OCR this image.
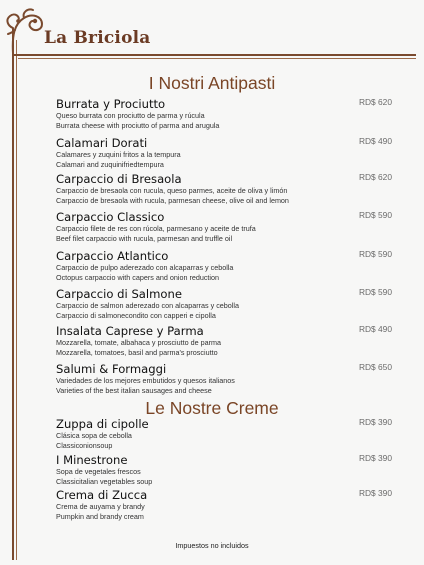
La Briciola
I Nostri Antipasti
Burrata y Prociutto
Queso burrata con prociutto de parma y rúcula
Burrata cheese with prociutto of parma and arugula
RD$ 620
Calamari Dorati
Calamares y zuquini fritos a la tempura
Calamari and zuquinifriedtempura
RD$ 490
Carpaccio di Bresaola
Carpaccio de bresaola con rucula, queso parmes, aceite de oliva y limón
Carpaccio de bresaola with rucula, parmesan cheese, olive oil and lemon
RD$ 620
Carpaccio Classico
Carpaccio filete de res con rúcola, parmesano y aceite de trufa
Beef filet carpaccio with rucula, parmesan and truffle oil
RD$ 590
Carpaccio Atlantico
Carpaccio de pulpo aderezado con alcaparras y cebolla
Octopus carpaccio with capers and onion reduction
RD$ 590
Carpaccio di Salmone
Carpaccio de salmon aderezado con alcaparras y cebolla
Carpaccio di salmonecondito con capperi e cipolla
RD$ 590
Insalata Caprese y Parma
Mozzarella, tomate, albahaca y prosciutto de parma
Mozzarella, tomatoes, basil and parma's prosciutto
RD$ 490
Salumi & Formaggi
Variedades de los mejores embutidos y quesos italianos
Varieties of the best italian sausages and cheese
RD$ 650
Le Nostre Creme
Zuppa di cipolle
Clásica sopa de cebolla
Classiconionsoup
RD$ 390
I Minestrone
Sopa de vegetales frescos
Classicitalian vegetables soup
RD$ 390
Crema di Zucca
Crema de auyama y brandy
Pumpkin and brandy cream
RD$ 390
Impuestos no incluidos
